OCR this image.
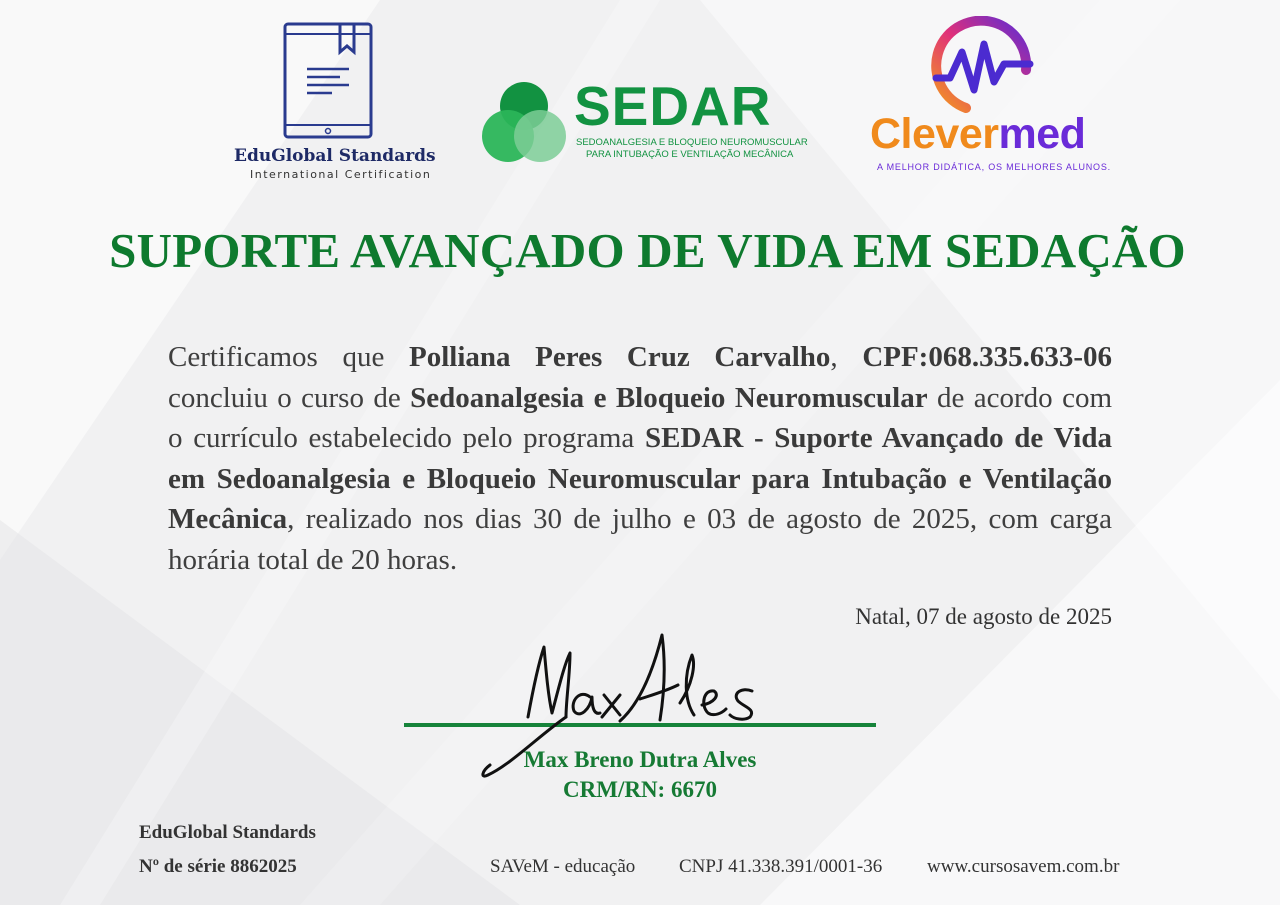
EduGlobal Standards
International Certification
SEDAR
SEDOANALGESIA E BLOQUEIO NEUROMUSCULAR
PARA INTUBAÇÃO E VENTILAÇÃO MECÂNICA Clevermed
A MELHOR DIDÁTICA, OS MELHORES ALUNOS.
SUPORTE AVANÇADO DE VIDA EM SEDAÇÃO
Certificamos que Polliana Peres Cruz Carvalho, CPF:068.335.633-06 concluiu o curso de Sedoanalgesia e Bloqueio Neuromuscular de acordo com o currículo estabelecido pelo programa SEDAR - Suporte Avançado de Vida em Sedoanalgesia e Bloqueio Neuromuscular para Intubação e Ventilação Mecânica, realizado nos dias 30 de julho e 03 de agosto de 2025, com carga horária total de 20 horas.
Natal, 07 de agosto de 2025
Max Breno Dutra Alves
CRM/RN: 6670
EduGlobal Standards
Nº de série 8862025	SAVeM - educação CNPJ 41.338.391/0001-36 www.cursosavem.com.br
